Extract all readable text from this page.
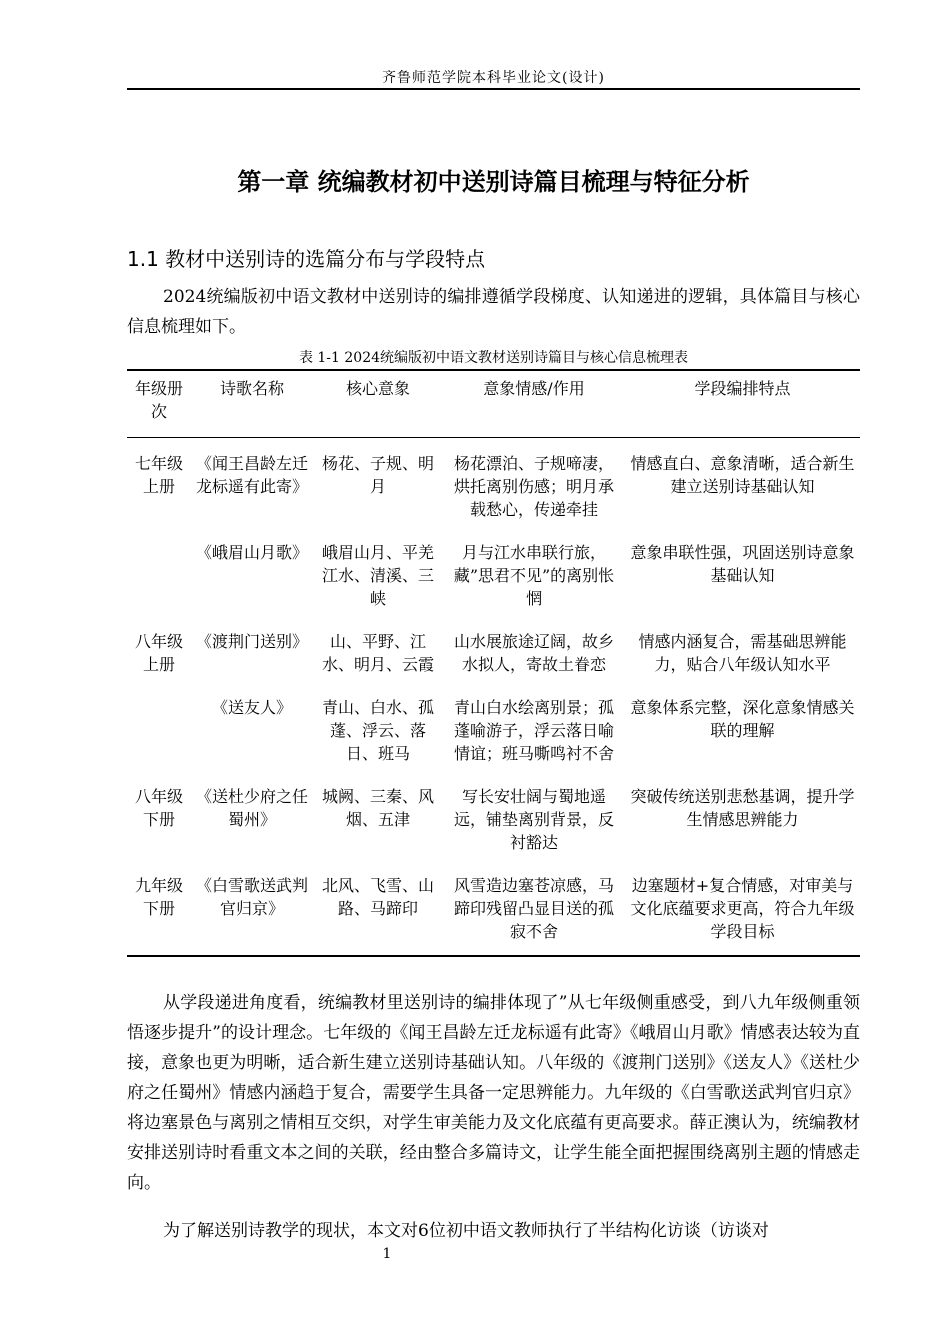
齐鲁师范学院本科毕业论文(设计)
第一章 统编教材初中送别诗篇目梳理与特征分析
1.1 教材中送别诗的选篇分布与学段特点

2024统编版初中语文教材中送别诗的编排遵循学段梯度、认知递进的逻辑，具体篇目与核心信息梳理如下。

表 1-1 2024统编版初中语文教材送别诗篇目与核心信息梳理表
年级册次	诗歌名称	核心意象	意象情感/作用	学段编排特点
七年级上册	《闻王昌龄左迁龙标遥有此寄》	杨花、子规、明月	杨花漂泊、子规啼凄，烘托离别伤感；明月承载愁心，传递牵挂	情感直白、意象清晰，适合新生建立送别诗基础认知
	《峨眉山月歌》	峨眉山月、平羌江水、清溪、三峡	月与江水串联行旅，藏”思君不见”的离别怅惘	意象串联性强，巩固送别诗意象基础认知
八年级上册	《渡荆门送别》	山、平野、江水、明月、云霞	山水展旅途辽阔，故乡水拟人，寄故土眷恋	情感内涵复合，需基础思辨能力，贴合八年级认知水平
	《送友人》	青山、白水、孤蓬、浮云、落日、班马	青山白水绘离别景；孤蓬喻游子，浮云落日喻情谊；班马嘶鸣衬不舍	意象体系完整，深化意象情感关联的理解
八年级下册	《送杜少府之任蜀州》	城阙、三秦、风烟、五津	写长安壮阔与蜀地遥远，铺垫离别背景，反衬豁达	突破传统送别悲愁基调，提升学生情感思辨能力
九年级下册	《白雪歌送武判官归京》	北风、飞雪、山路、马蹄印	风雪造边塞苍凉感，马蹄印残留凸显目送的孤寂不舍	边塞题材+复合情感，对审美与文化底蕴要求更高，符合九年级学段目标

从学段递进角度看，统编教材里送别诗的编排体现了”从七年级侧重感受，到八九年级侧重领悟逐步提升”的设计理念。七年级的《闻王昌龄左迁龙标遥有此寄》《峨眉山月歌》情感表达较为直接，意象也更为明晰，适合新生建立送别诗基础认知。八年级的《渡荆门送别》《送友人》《送杜少府之任蜀州》情感内涵趋于复合，需要学生具备一定思辨能力。九年级的《白雪歌送武判官归京》将边塞景色与离别之情相互交织，对学生审美能力及文化底蕴有更高要求。薛正澳认为，统编教材安排送别诗时看重文本之间的关联，经由整合多篇诗文，让学生能全面把握围绕离别主题的情感走向。

为了解送别诗教学的现状，本文对6位初中语文教师执行了半结构化访谈（访谈对

1
